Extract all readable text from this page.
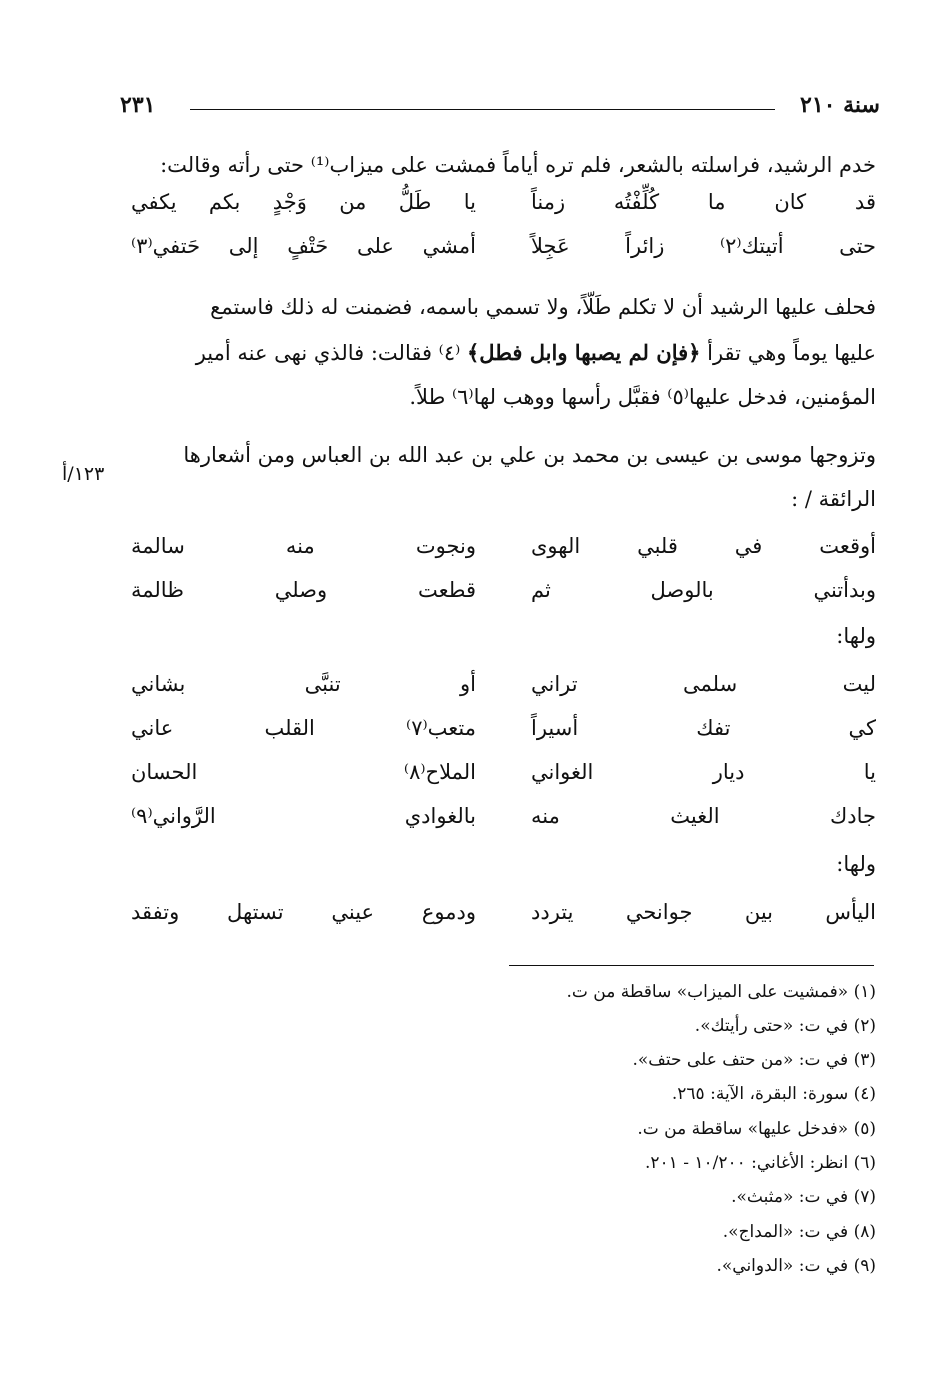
سنة ٢١٠
٢٣١
خدم الرشيد، فراسلته بالشعر، فلم تره أياماً فمشت على ميزاب⁽¹⁾ حتى رأته وقالت:
قد كان ما كُلِّفْتُه زمناً
يا طَلُّ من وَجْدٍ بكم يكفي
حتى أتيتك⁽٢⁾ زائراً عَجِلاً
أمشي على حَتْفٍ إلى حَتفي⁽٣⁾
فحلف عليها الرشيد أن لا تكلم طَلّاً، ولا تسمي باسمه، فضمنت له ذلك فاستمع
عليها يوماً وهي تقرأ ﴿فإن لم يصبها وابل فطل﴾ ⁽٤⁾ فقالت: فالذي نهى عنه أمير
المؤمنين، فدخل عليها⁽٥⁾ فقبَّل رأسها ووهب لها⁽٦⁾ طلاً.
وتزوجها موسى بن عيسى بن محمد بن علي بن عبد الله بن العباس ومن أشعارها
الرائقة / :
١٢٣/أ
أوقعت في قلبي الهوى
ونجوت منه سالمة
وبدأتني بالوصل ثم
قطعت وصلي ظالمة
ولها:
ليت سلمى تراني
أو تنبَّى بشاني
كي تفك أسيراً
متعب⁽٧⁾ القلب عاني
يا ديار الغواني
الملاح⁽٨⁾ الحسان
جادك الغيث منه
بالغوادي الرَّواني⁽٩⁾
ولها:
اليأس بين جوانحي يتردد
ودموع عيني تستهل وتفقد
(١) «فمشيت على الميزاب» ساقطة من ت.
(٢) في ت: «حتى رأيتك».
(٣) في ت: «من حتف على حتف».
(٤) سورة: البقرة، الآية: ٢٦٥.
(٥) «فدخل عليها» ساقطة من ت.
(٦) انظر: الأغاني: ١٠/٢٠٠ - ٢٠١.
(٧) في ت: «مثبث».
(٨) في ت: «المداج».
(٩) في ت: «الدواني».
